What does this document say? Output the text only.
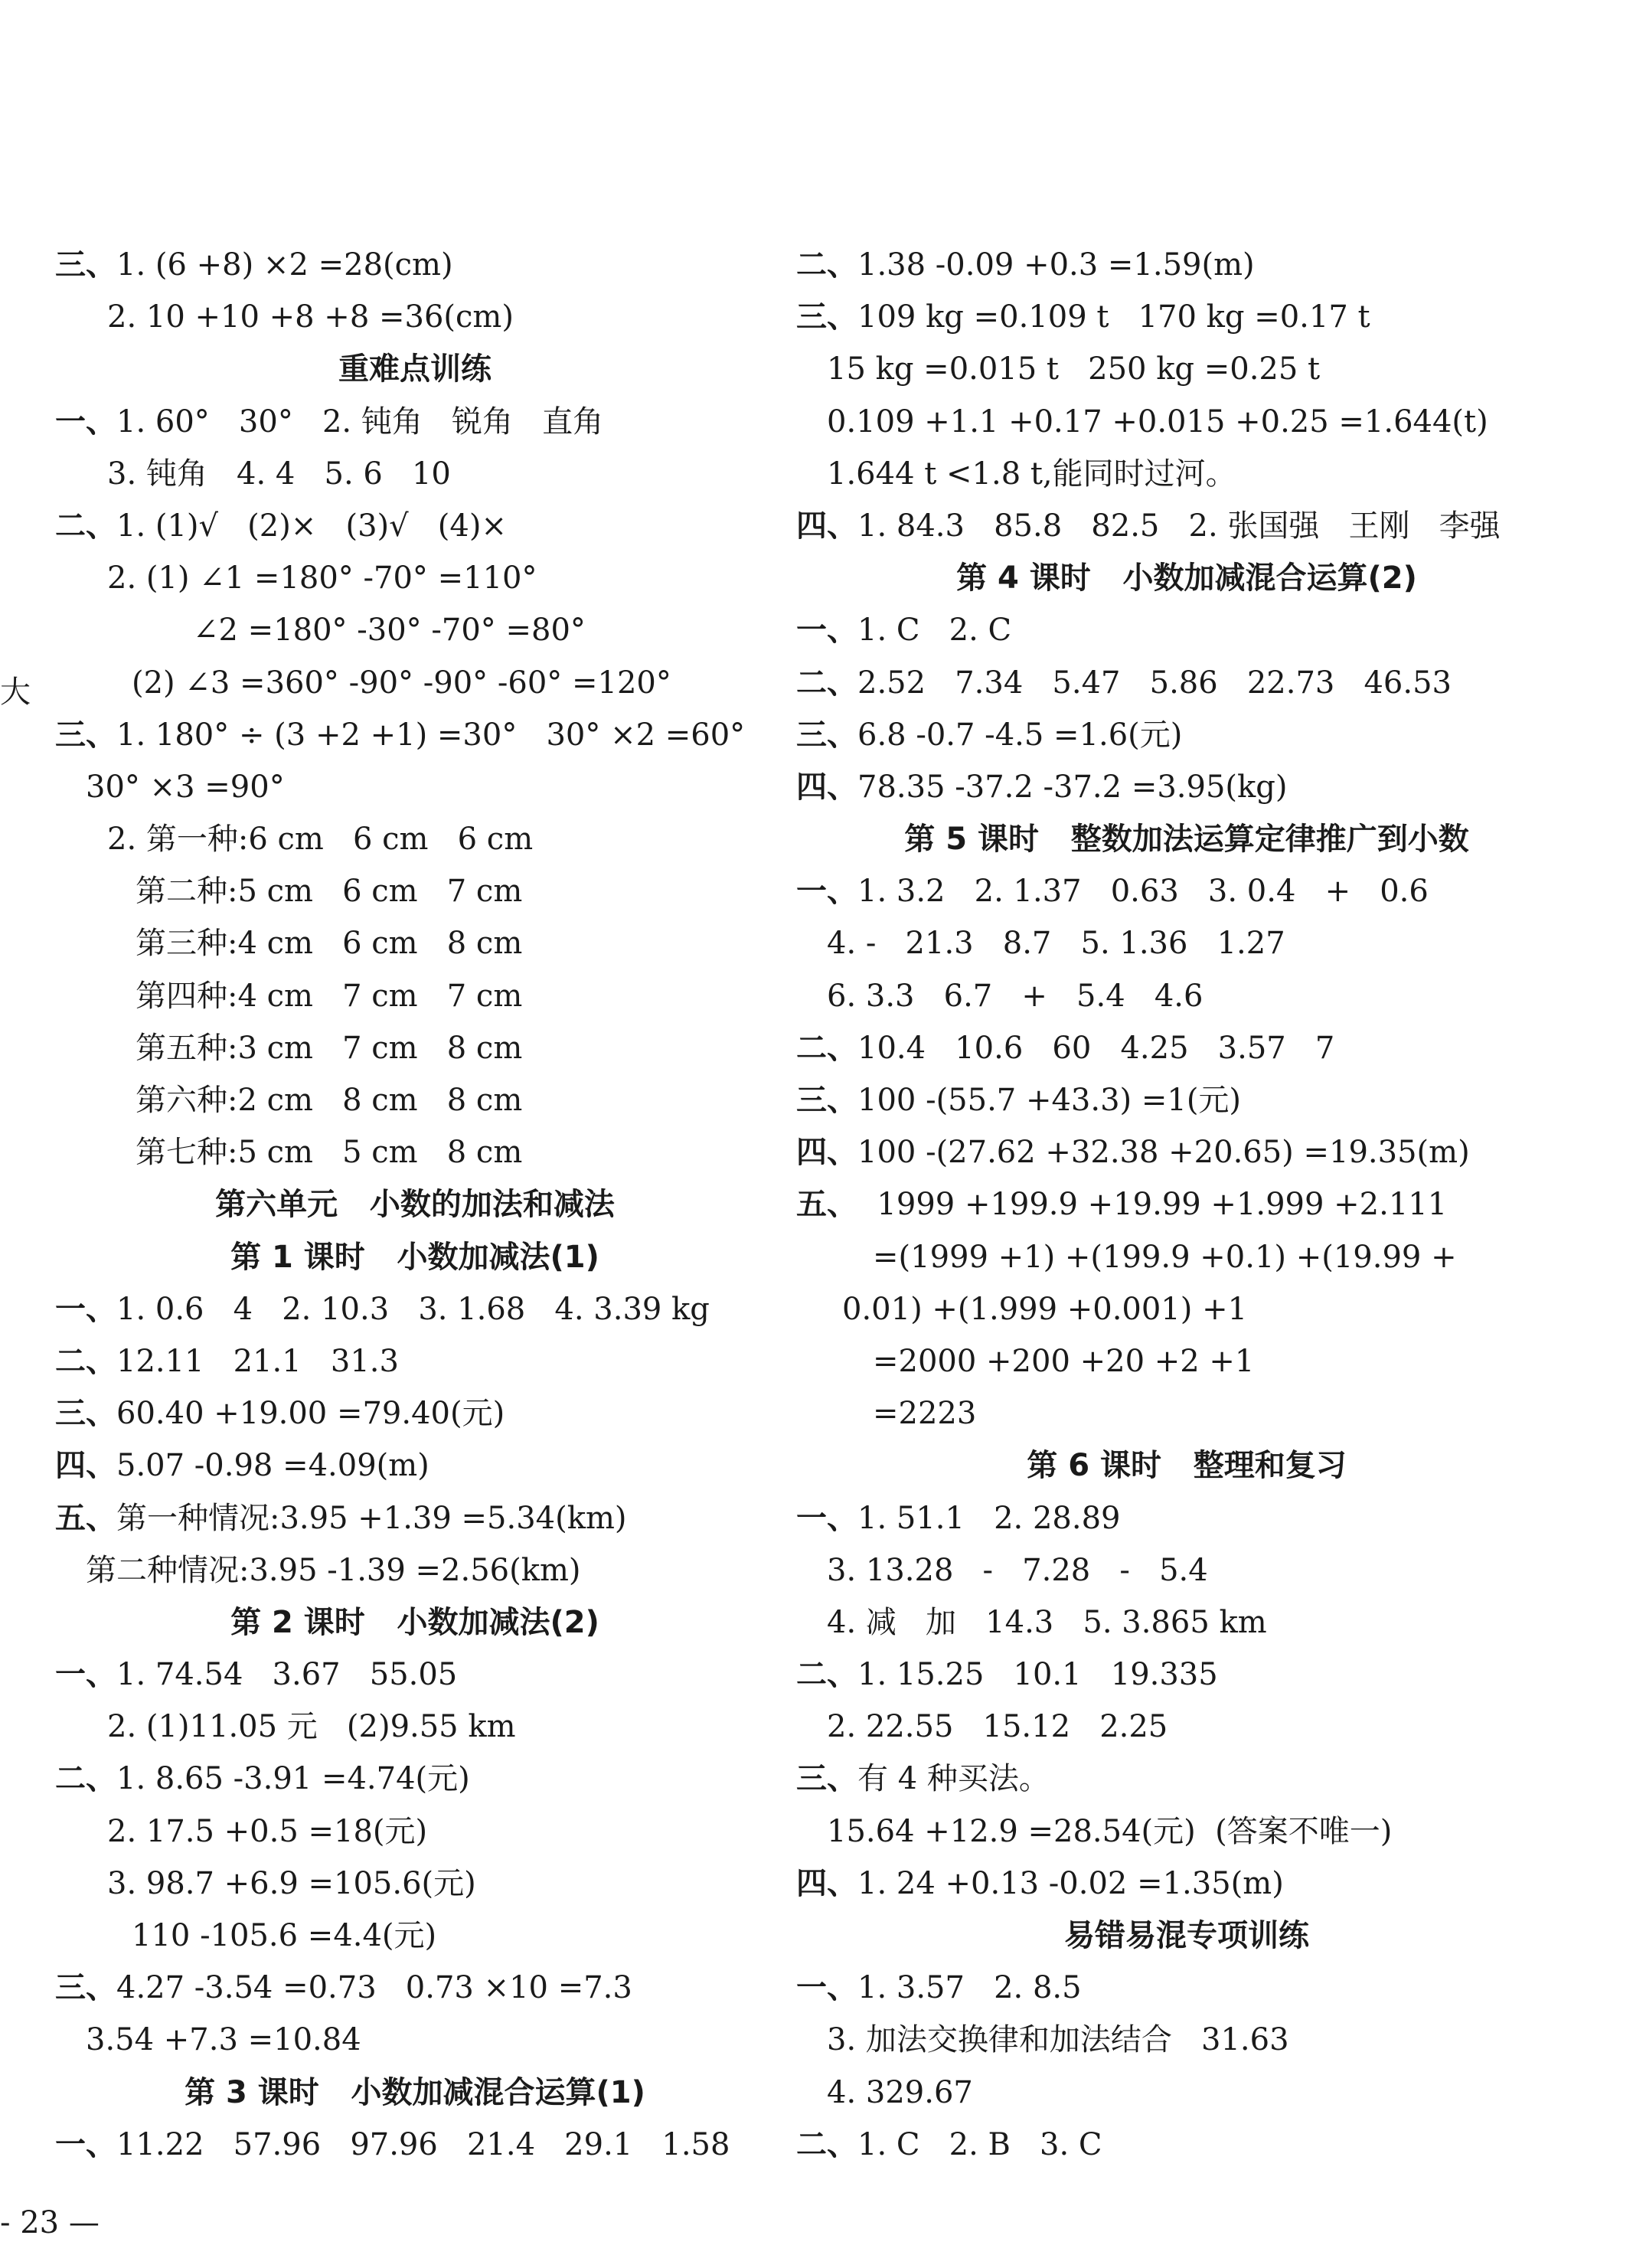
三、1. (6 +8) ×2 =28(cm)
2. 10 +10 +8 +8 =36(cm)
重难点训练
一、1. 60°   30°   2. 钝角   锐角   直角
3. 钝角   4. 4   5. 6   10
二、1. (1)√   (2)×   (3)√   (4)×
2. (1) ∠1 =180° -70° =110°
∠2 =180° -30° -70° =80°
(2) ∠3 =360° -90° -90° -60° =120°
三、1. 180° ÷ (3 +2 +1) =30°   30° ×2 =60°
30° ×3 =90°
2. 第一种:6 cm   6 cm   6 cm
第二种:5 cm   6 cm   7 cm
第三种:4 cm   6 cm   8 cm
第四种:4 cm   7 cm   7 cm
第五种:3 cm   7 cm   8 cm
第六种:2 cm   8 cm   8 cm
第七种:5 cm   5 cm   8 cm
第六单元   小数的加法和减法
第 1 课时   小数加减法(1)
一、1. 0.6   4   2. 10.3   3. 1.68   4. 3.39 kg
二、12.11   21.1   31.3
三、60.40 +19.00 =79.40(元)
四、5.07 -0.98 =4.09(m)
五、第一种情况:3.95 +1.39 =5.34(km)
第二种情况:3.95 -1.39 =2.56(km)
第 2 课时   小数加减法(2)
一、1. 74.54   3.67   55.05
2. (1)11.05 元   (2)9.55 km
二、1. 8.65 -3.91 =4.74(元)
2. 17.5 +0.5 =18(元)
3. 98.7 +6.9 =105.6(元)
110 -105.6 =4.4(元)
三、4.27 -3.54 =0.73   0.73 ×10 =7.3
3.54 +7.3 =10.84
第 3 课时   小数加减混合运算(1)
一、11.22   57.96   97.96   21.4   29.1   1.58
二、1.38 -0.09 +0.3 =1.59(m)
三、109 kg =0.109 t   170 kg =0.17 t
15 kg =0.015 t   250 kg =0.25 t
0.109 +1.1 +0.17 +0.015 +0.25 =1.644(t)
1.644 t <1.8 t,能同时过河。
四、1. 84.3   85.8   82.5   2. 张国强   王刚   李强
第 4 课时   小数加减混合运算(2)
一、1. C   2. C
二、2.52   7.34   5.47   5.86   22.73   46.53
三、6.8 -0.7 -4.5 =1.6(元)
四、78.35 -37.2 -37.2 =3.95(kg)
第 5 课时   整数加法运算定律推广到小数
一、1. 3.2   2. 1.37   0.63   3. 0.4   +   0.6
4. -   21.3   8.7   5. 1.36   1.27
6. 3.3   6.7   +   5.4   4.6
二、10.4   10.6   60   4.25   3.57   7
三、100 -(55.7 +43.3) =1(元)
四、100 -(27.62 +32.38 +20.65) =19.35(m)
五、  1999 +199.9 +19.99 +1.999 +2.111
=(1999 +1) +(199.9 +0.1) +(19.99 +
0.01) +(1.999 +0.001) +1
=2000 +200 +20 +2 +1
=2223
第 6 课时   整理和复习
一、1. 51.1   2. 28.89
3. 13.28   -   7.28   -   5.4
4. 减   加   14.3   5. 3.865 km
二、1. 15.25   10.1   19.335
2. 22.55   15.12   2.25
三、有 4 种买法。
15.64 +12.9 =28.54(元)  (答案不唯一)
四、1. 24 +0.13 -0.02 =1.35(m)
易错易混专项训练
一、1. 3.57   2. 8.5
3. 加法交换律和加法结合   31.63
4. 329.67
二、1. C   2. B   3. C
大
- 23 —
